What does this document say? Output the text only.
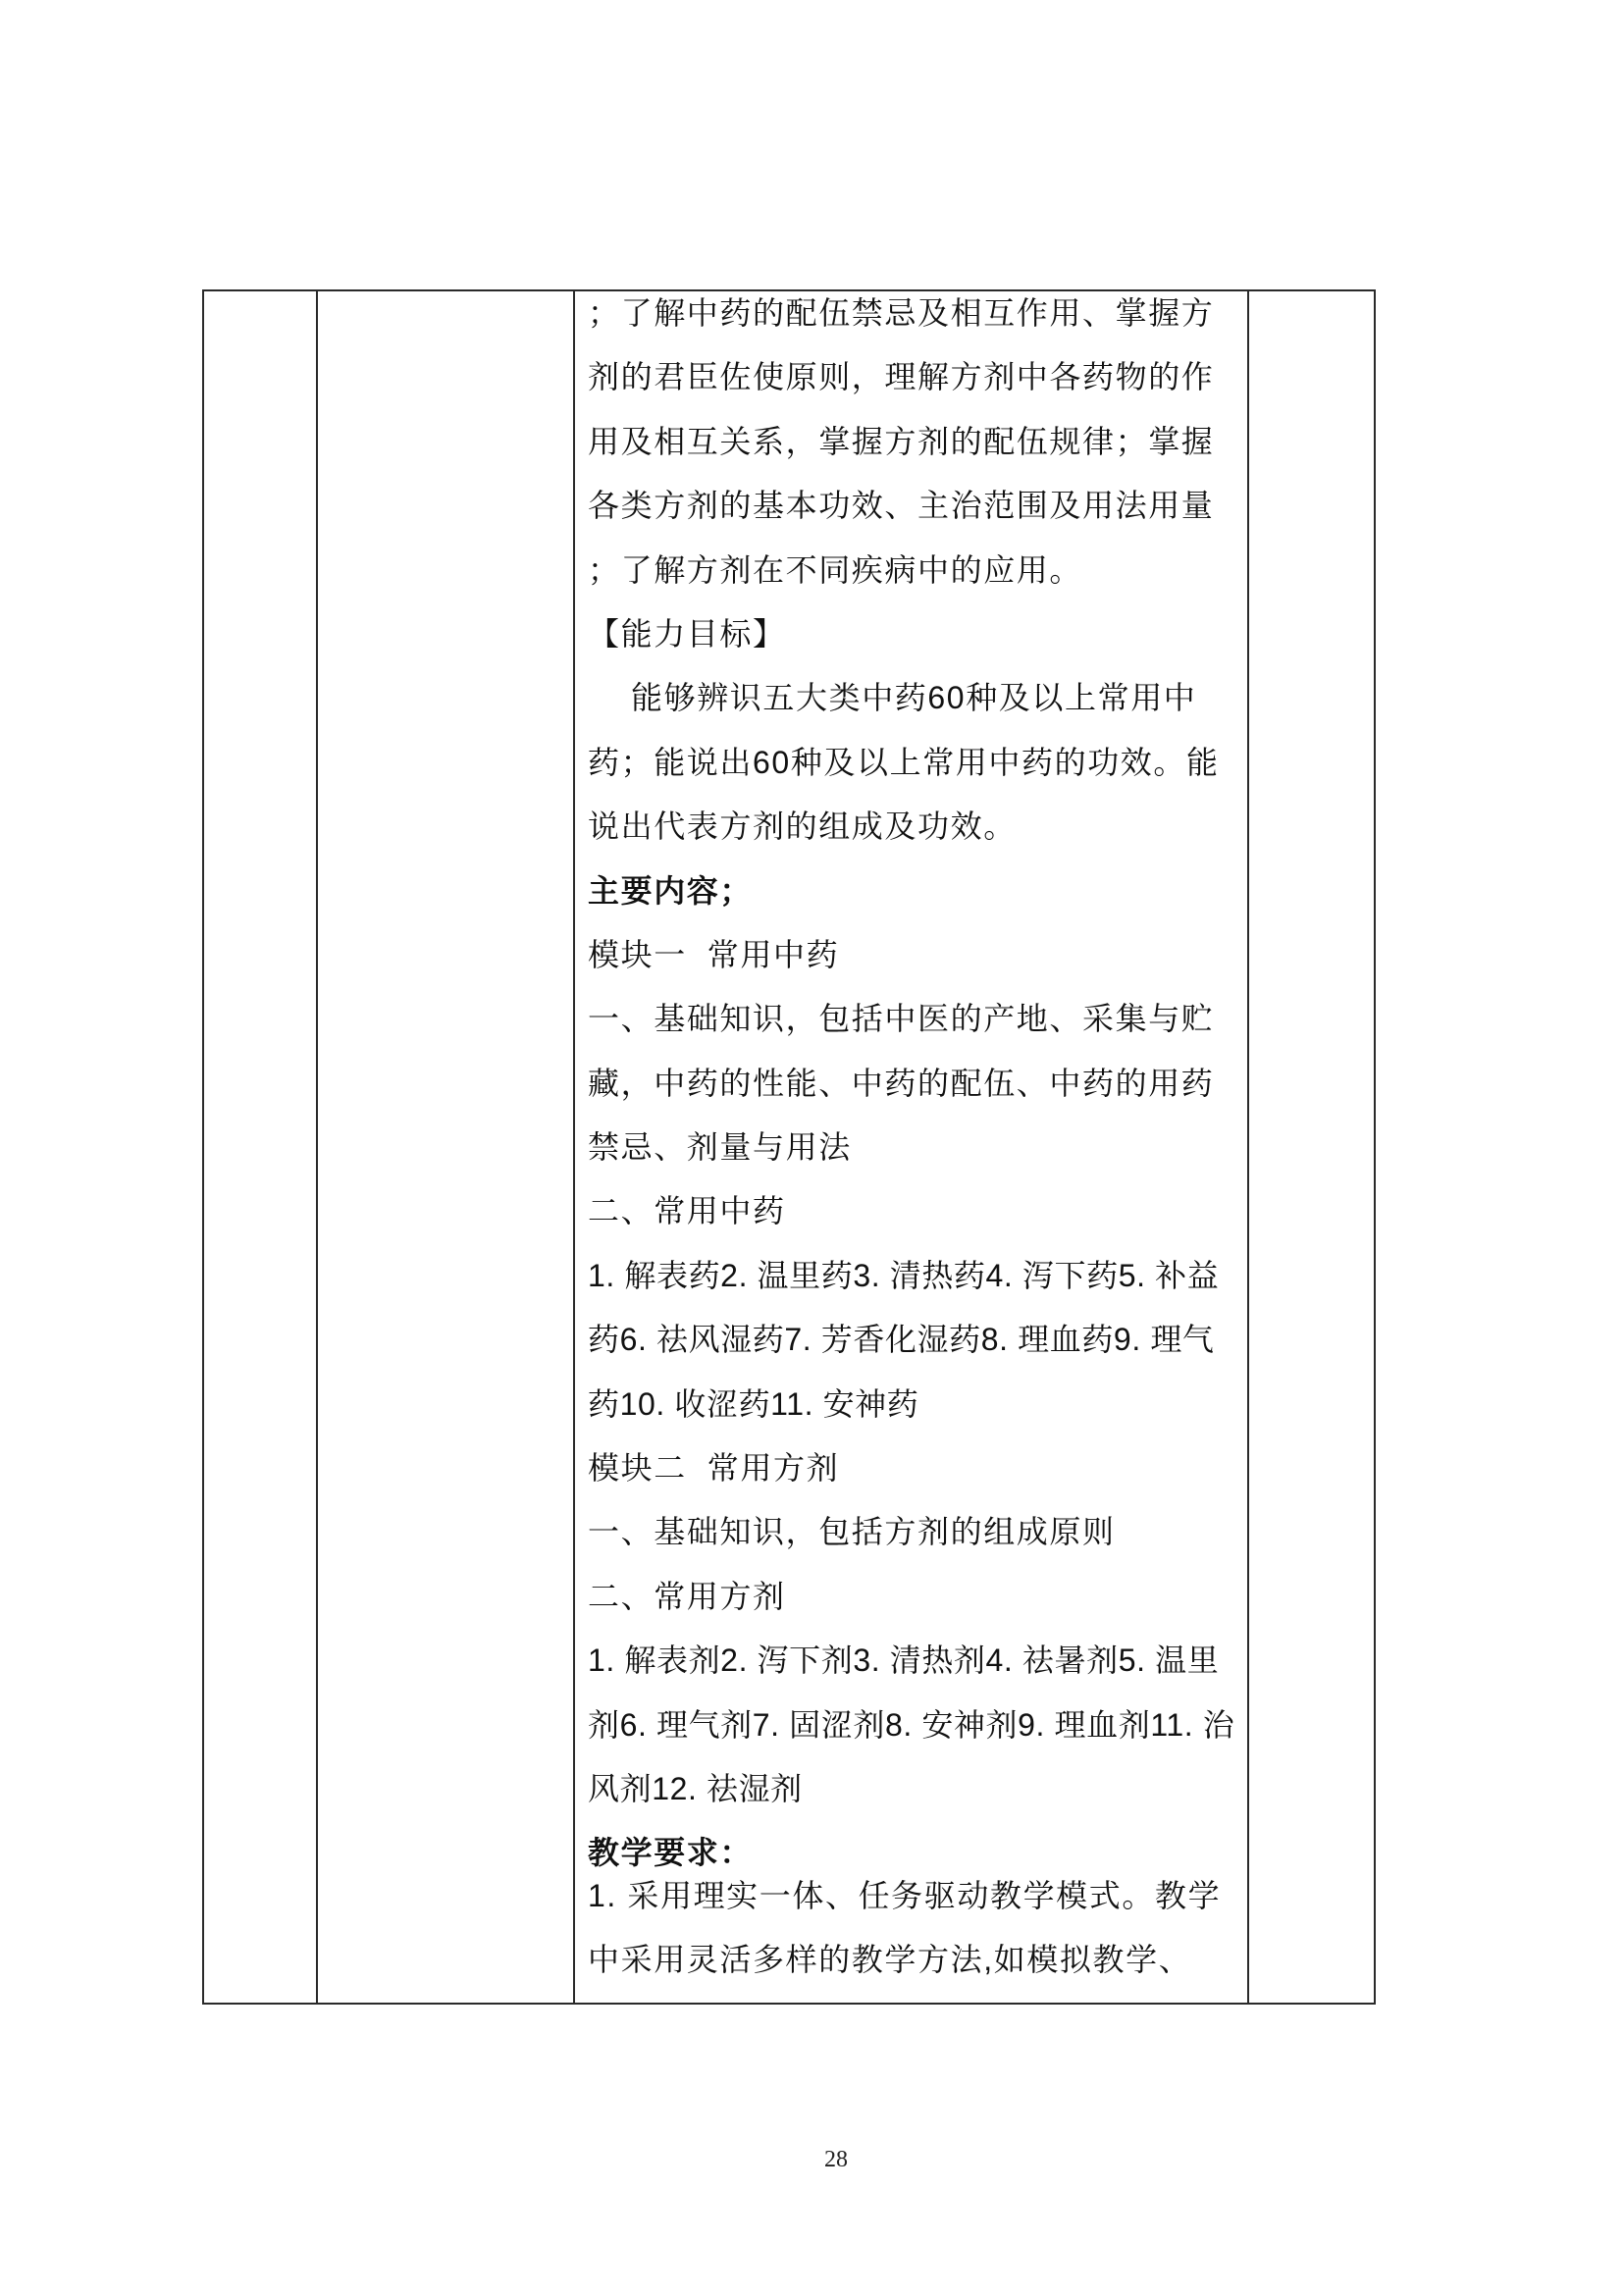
；了解中药的配伍禁忌及相互作用、掌握方
剂的君臣佐使原则，理解方剂中各药物的作
用及相互关系，掌握方剂的配伍规律；掌握
各类方剂的基本功效、主治范围及用法用量
；了解方剂在不同疾病中的应用。
【能力目标】
能够辨识五大类中药60种及以上常用中
药；能说出60种及以上常用中药的功效。能
说出代表方剂的组成及功效。
主要内容；
模块一  常用中药
一、基础知识，包括中医的产地、采集与贮
藏，中药的性能、中药的配伍、中药的用药
禁忌、剂量与用法
二、常用中药
1. 解表药2. 温里药3. 清热药4. 泻下药5. 补益
药6. 祛风湿药7. 芳香化湿药8. 理血药9. 理气
药10. 收涩药11. 安神药
模块二  常用方剂
一、基础知识，包括方剂的组成原则
二、常用方剂
1. 解表剂2. 泻下剂3. 清热剂4. 祛暑剂5. 温里
剂6. 理气剂7. 固涩剂8. 安神剂9. 理血剂11. 治
风剂12. 祛湿剂
教学要求：
1. 采用理实一体、任务驱动教学模式。教学
中采用灵活多样的教学方法,如模拟教学、
28
